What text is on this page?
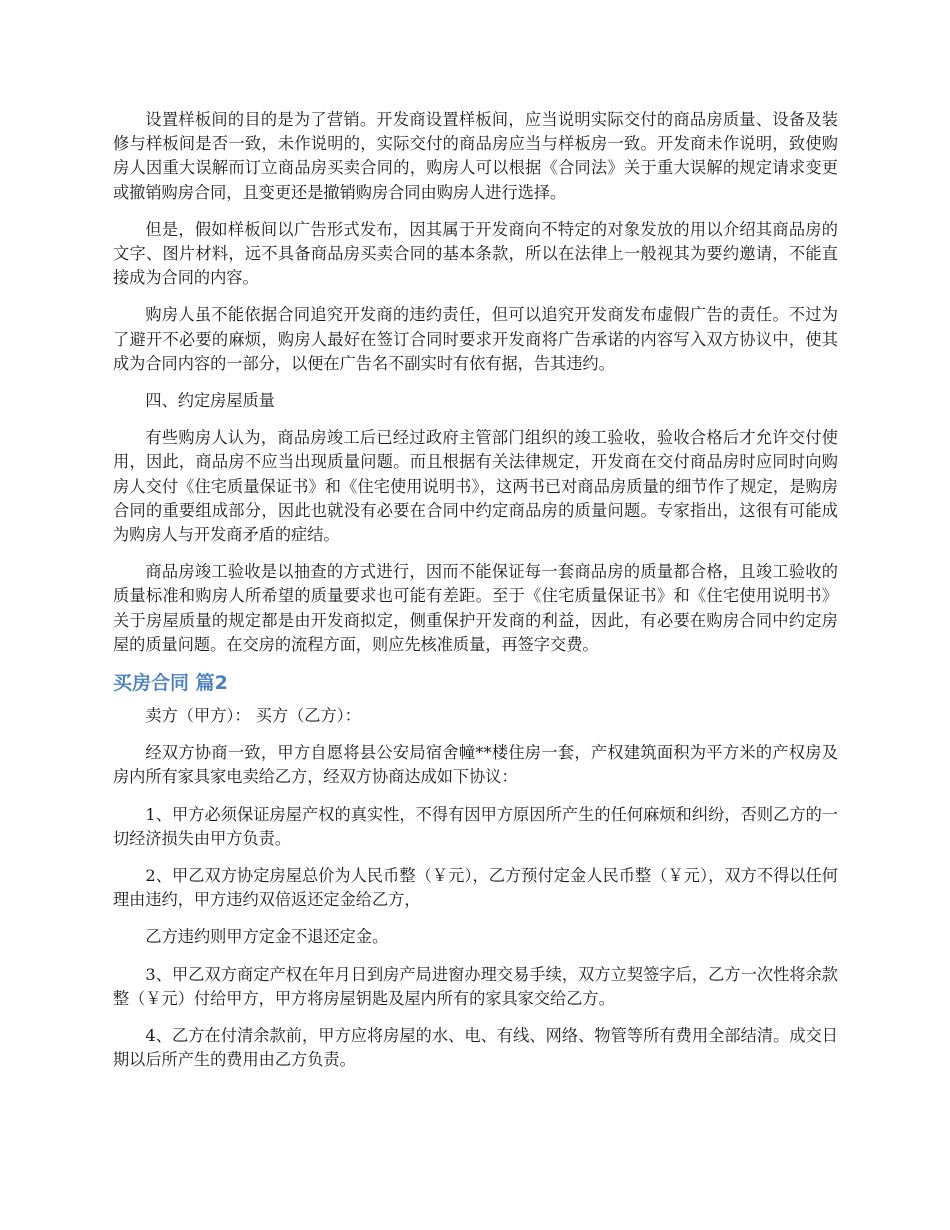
设置样板间的目的是为了营销。开发商设置样板间，应当说明实际交付的商品房质量、设备及装修与样板间是否一致，未作说明的，实际交付的商品房应当与样板房一致。开发商未作说明，致使购房人因重大误解而订立商品房买卖合同的，购房人可以根据《合同法》关于重大误解的规定请求变更或撤销购房合同，且变更还是撤销购房合同由购房人进行选择。

但是，假如样板间以广告形式发布，因其属于开发商向不特定的对象发放的用以介绍其商品房的文字、图片材料，远不具备商品房买卖合同的基本条款，所以在法律上一般视其为要约邀请，不能直接成为合同的内容。

购房人虽不能依据合同追究开发商的违约责任，但可以追究开发商发布虚假广告的责任。不过为了避开不必要的麻烦，购房人最好在签订合同时要求开发商将广告承诺的内容写入双方协议中，使其成为合同内容的一部分，以便在广告名不副实时有依有据，告其违约。

四、约定房屋质量

有些购房人认为，商品房竣工后已经过政府主管部门组织的竣工验收，验收合格后才允许交付使用，因此，商品房不应当出现质量问题。而且根据有关法律规定，开发商在交付商品房时应同时向购房人交付《住宅质量保证书》和《住宅使用说明书》，这两书已对商品房质量的细节作了规定，是购房合同的重要组成部分，因此也就没有必要在合同中约定商品房的质量问题。专家指出，这很有可能成为购房人与开发商矛盾的症结。

商品房竣工验收是以抽查的方式进行，因而不能保证每一套商品房的质量都合格，且竣工验收的质量标准和购房人所希望的质量要求也可能有差距。至于《住宅质量保证书》和《住宅使用说明书》关于房屋质量的规定都是由开发商拟定，侧重保护开发商的利益，因此，有必要在购房合同中约定房屋的质量问题。在交房的流程方面，则应先核准质量，再签字交费。

买房合同 篇2

卖方（甲方）： 买方（乙方）：

经双方协商一致，甲方自愿将县公安局宿舍幢**楼住房一套，产权建筑面积为平方米的产权房及房内所有家具家电卖给乙方，经双方协商达成如下协议：

1、甲方必须保证房屋产权的真实性，不得有因甲方原因所产生的任何麻烦和纠纷，否则乙方的一切经济损失由甲方负责。

2、甲乙双方协定房屋总价为人民币整（￥元），乙方预付定金人民币整（￥元），双方不得以任何理由违约，甲方违约双倍返还定金给乙方，

乙方违约则甲方定金不退还定金。

3、甲乙双方商定产权在年月日到房产局进窗办理交易手续，双方立契签字后，乙方一次性将余款整（￥元）付给甲方，甲方将房屋钥匙及屋内所有的家具家交给乙方。

4、乙方在付清余款前，甲方应将房屋的水、电、有线、网络、物管等所有费用全部结清。成交日期以后所产生的费用由乙方负责。
